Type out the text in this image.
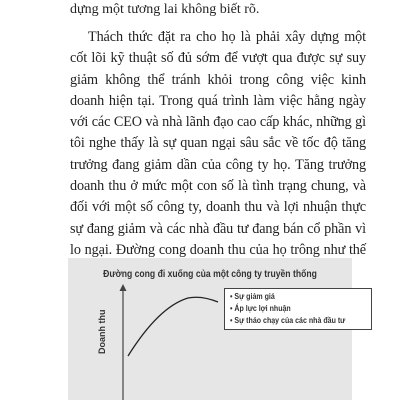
dựng một tương lai không biết rõ.

Thách thức đặt ra cho họ là phải xây dựng một cốt lõi kỹ thuật số đủ sớm để vượt qua được sự suy giảm không thể tránh khỏi trong công việc kinh doanh hiện tại. Trong quá trình làm việc hằng ngày với các CEO và nhà lãnh đạo cao cấp khác, những gì tôi nghe thấy là sự quan ngại sâu sắc về tốc độ tăng trưởng đang giảm dần của công ty họ. Tăng trưởng doanh thu ở mức một con số là tình trạng chung, và đối với một số công ty, doanh thu và lợi nhuận thực sự đang giảm và các nhà đầu tư đang bán cổ phần vì lo ngại. Đường cong doanh thu của họ trông như thế

Đường cong đi xuống của một công ty truyền thống
• Sự giảm giá
• Áp lực lợi nhuận
• Sự tháo chạy của các nhà đầu tư
Doanh thu
